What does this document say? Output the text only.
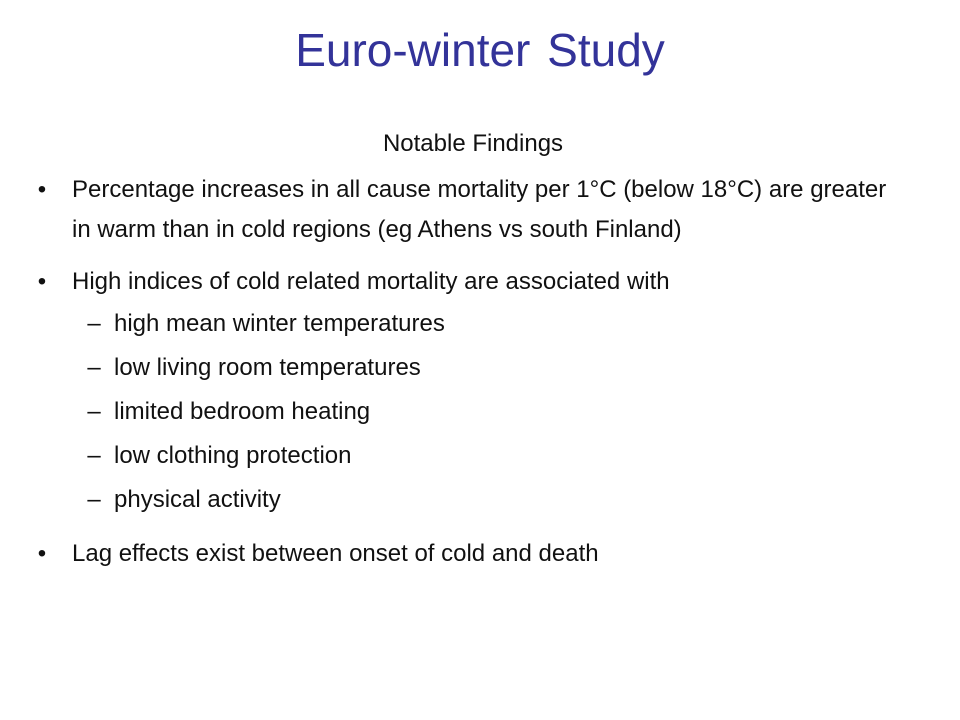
Euro-winter Study
Notable Findings
•	Percentage increases in all cause mortality per 1°C (below 18°C) are greater in warm than in cold regions (eg Athens vs south Finland)
•	High indices of cold related mortality are associated with
– high mean winter temperatures
– low living room temperatures
– limited bedroom heating
– low clothing protection
– physical activity
•	Lag effects exist between onset of cold and death
